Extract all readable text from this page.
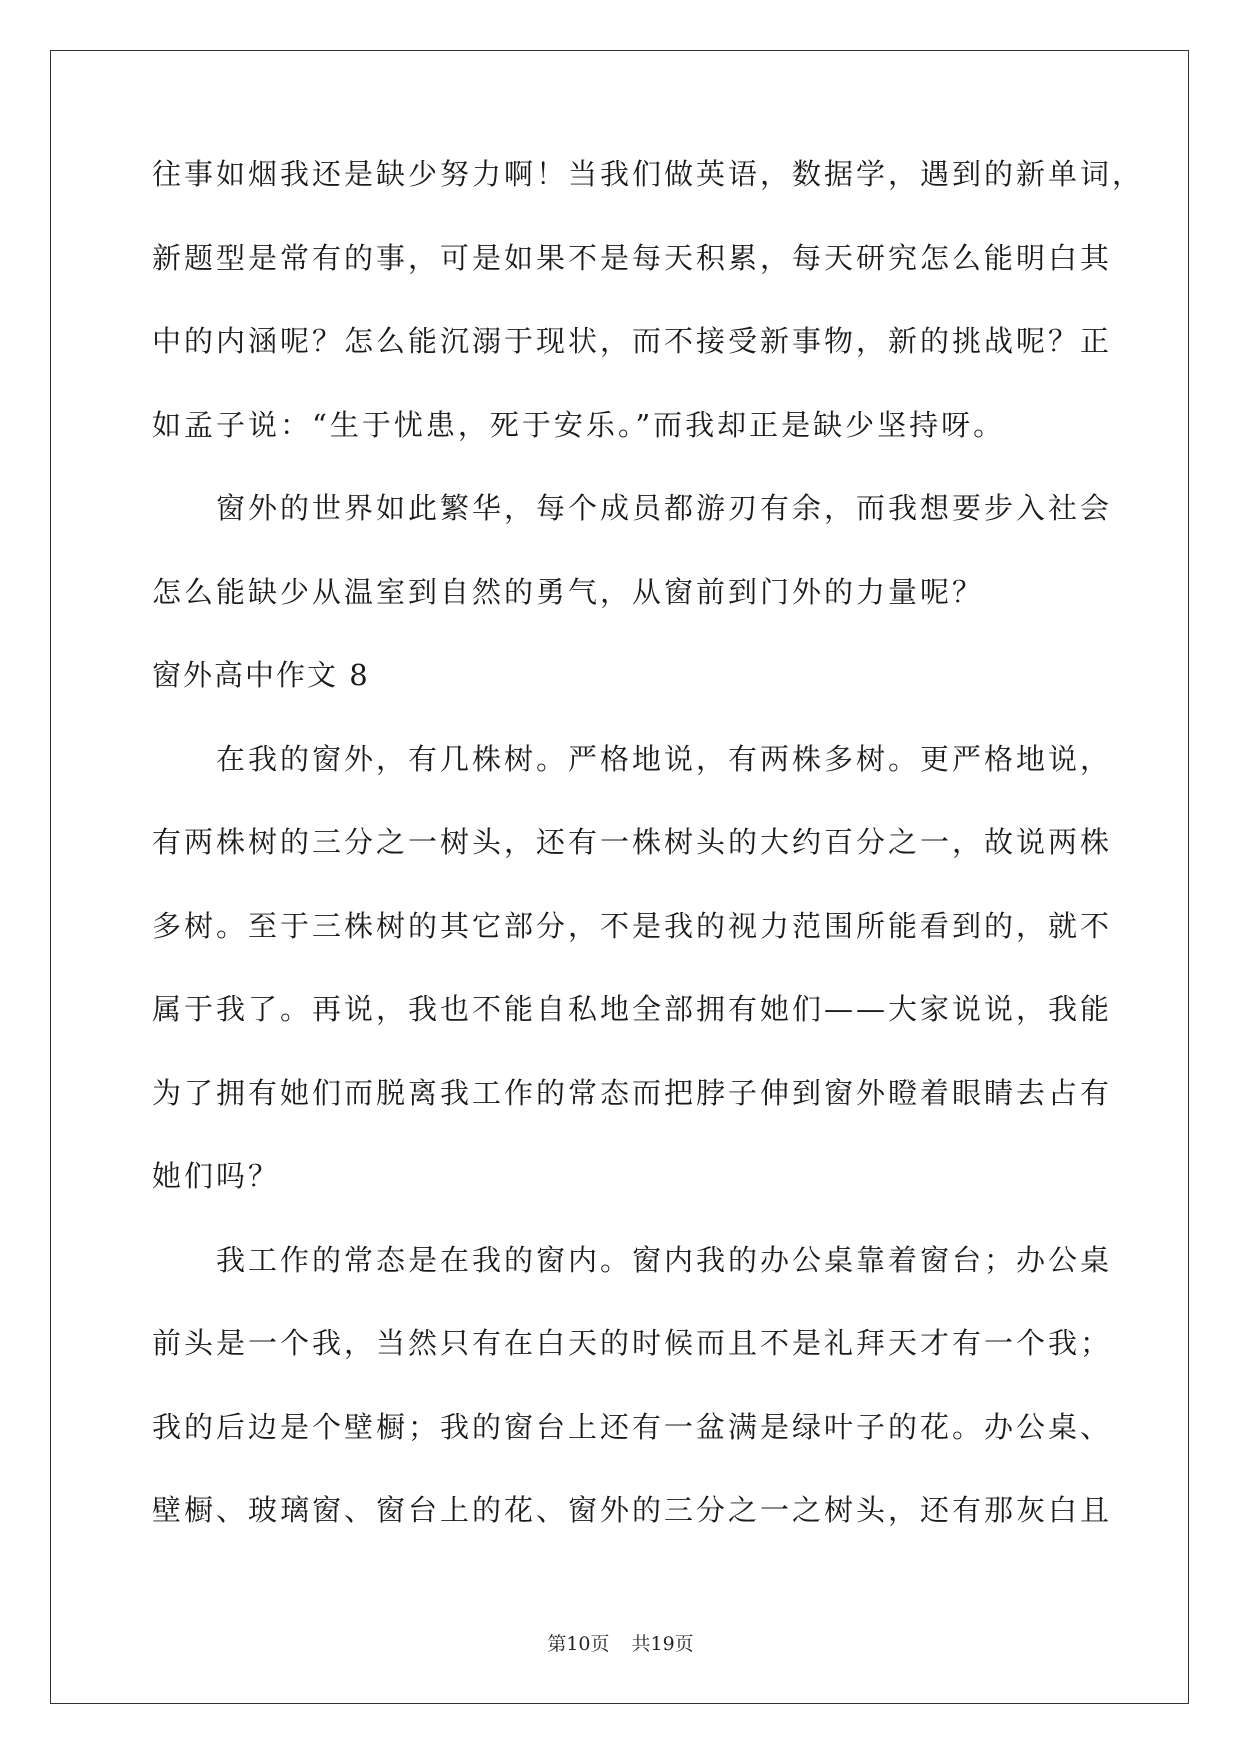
往事如烟我还是缺少努力啊！当我们做英语，数据学，遇到的新单词，
新题型是常有的事，可是如果不是每天积累，每天研究怎么能明白其
中的内涵呢？怎么能沉溺于现状，而不接受新事物，新的挑战呢？正
如孟子说：“生于忧患，死于安乐。”而我却正是缺少坚持呀。
窗外的世界如此繁华，每个成员都游刃有余，而我想要步入社会
怎么能缺少从温室到自然的勇气，从窗前到门外的力量呢？
窗外高中作文 8
在我的窗外，有几株树。严格地说，有两株多树。更严格地说，
有两株树的三分之一树头，还有一株树头的大约百分之一，故说两株
多树。至于三株树的其它部分，不是我的视力范围所能看到的，就不
属于我了。再说，我也不能自私地全部拥有她们——大家说说，我能
为了拥有她们而脱离我工作的常态而把脖子伸到窗外瞪着眼睛去占有
她们吗？
我工作的常态是在我的窗内。窗内我的办公桌靠着窗台；办公桌
前头是一个我，当然只有在白天的时候而且不是礼拜天才有一个我；
我的后边是个壁橱；我的窗台上还有一盆满是绿叶子的花。办公桌、
壁橱、玻璃窗、窗台上的花、窗外的三分之一之树头，还有那灰白且
第10页 共19页
